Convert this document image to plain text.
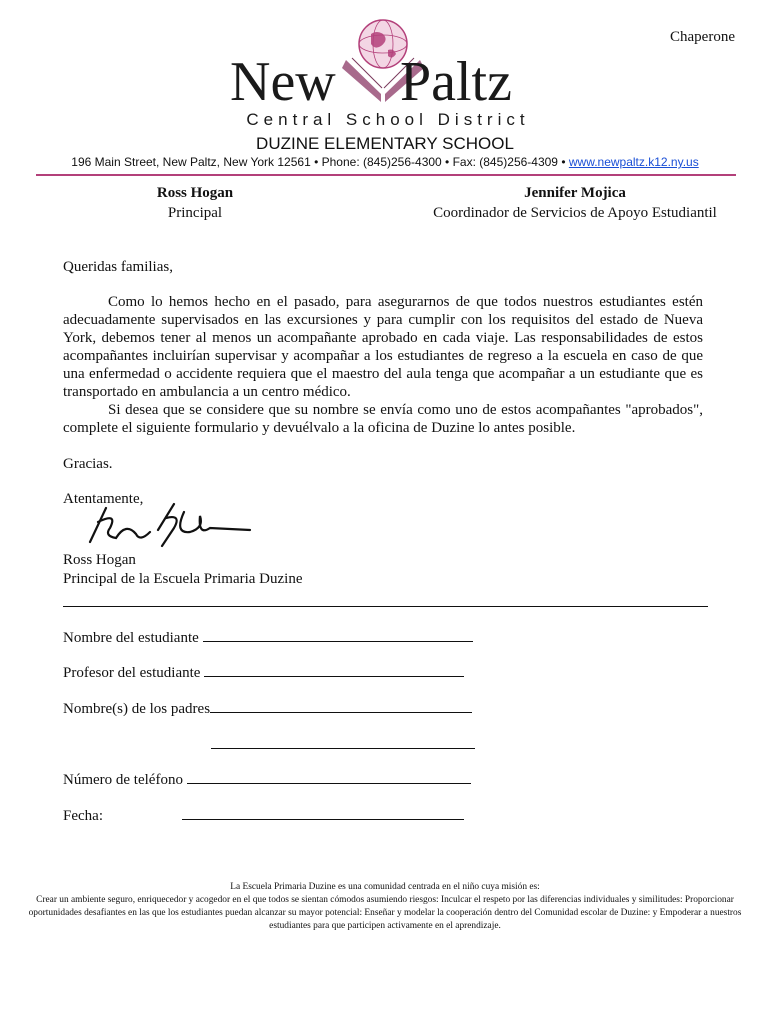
Chaperone
New Paltz
Central School District
DUZINE ELEMENTARY SCHOOL
196 Main Street, New Paltz, New York 12561 • Phone: (845)256-4300 • Fax: (845)256-4309 • www.newpaltz.k12.ny.us
Ross Hogan
Principal
Jennifer Mojica
Coordinador de Servicios de Apoyo Estudiantil
Queridas familias,

Como lo hemos hecho en el pasado, para asegurarnos de que todos nuestros estudiantes estén adecuadamente supervisados en las excursiones y para cumplir con los requisitos del estado de Nueva York, debemos tener al menos un acompañante aprobado en cada viaje. Las responsabilidades de estos acompañantes incluirían supervisar y acompañar a los estudiantes de regreso a la escuela en caso de que una enfermedad o accidente requiera que el maestro del aula tenga que acompañar a un estudiante que es transportado en ambulancia a un centro médico.

Si desea que se considere que su nombre se envía como uno de estos acompañantes "aprobados", complete el siguiente formulario y devuélvalo a la oficina de Duzine lo antes posible.

Gracias.
Atentamente,
Ross Hogan
Principal de la Escuela Primaria Duzine
Nombre del estudiante
Profesor del estudiante
Nombre(s) de los padres
Número de teléfono
Fecha:
La Escuela Primaria Duzine es una comunidad centrada en el niño cuya misión es:
Crear un ambiente seguro, enriquecedor y acogedor en el que todos se sientan cómodos asumiendo riesgos: Inculcar el respeto por las diferencias individuales y similitudes: Proporcionar oportunidades desafiantes en las que los estudiantes puedan alcanzar su mayor potencial: Enseñar y modelar la cooperación dentro del Comunidad escolar de Duzine: y Empoderar a nuestros estudiantes para que participen activamente en el aprendizaje.
